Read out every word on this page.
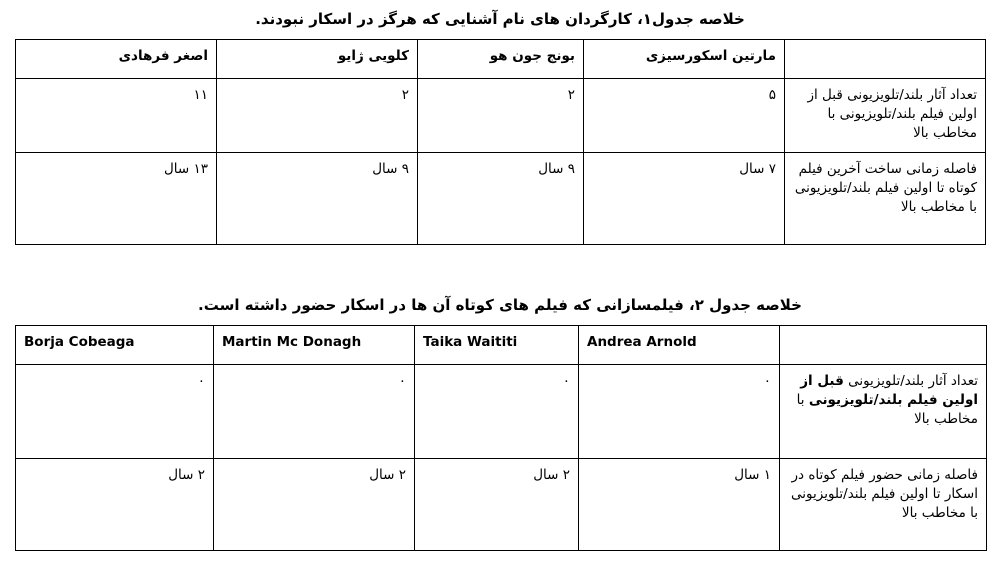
خلاصه جدول۱، کارگردان های نام آشنایی که هرگز در اسکار نبودند.
	مارتین اسکورسیزی	بونج جون هو	کلویی ژایو	اصغر فرهادی
تعداد آثار بلند/تلویزیونی قبل از اولین فیلم بلند/تلویزیونی با مخاطب بالا	۵	۲	۲	۱۱
فاصله زمانی ساخت آخرین فیلم کوتاه تا اولین فیلم بلند/تلویزیونی با مخاطب بالا	۷ سال	۹ سال	۹ سال	۱۳ سال
خلاصه جدول ۲، فیلمسازانی که فیلم های کوتاه آن ها در اسکار حضور داشته است.
	Andrea Arnold	Taika Waititi	Martin Mc Donagh	Borja Cobeaga
تعداد آثار بلند/تلویزیونی قبل از اولین فیلم بلند/تلویزیونی با مخاطب بالا	۰	۰	۰	۰
فاصله زمانی حضور فیلم کوتاه در اسکار تا اولین فیلم بلند/تلویزیونی با مخاطب بالا	۱ سال	۲ سال	۲ سال	۲ سال
